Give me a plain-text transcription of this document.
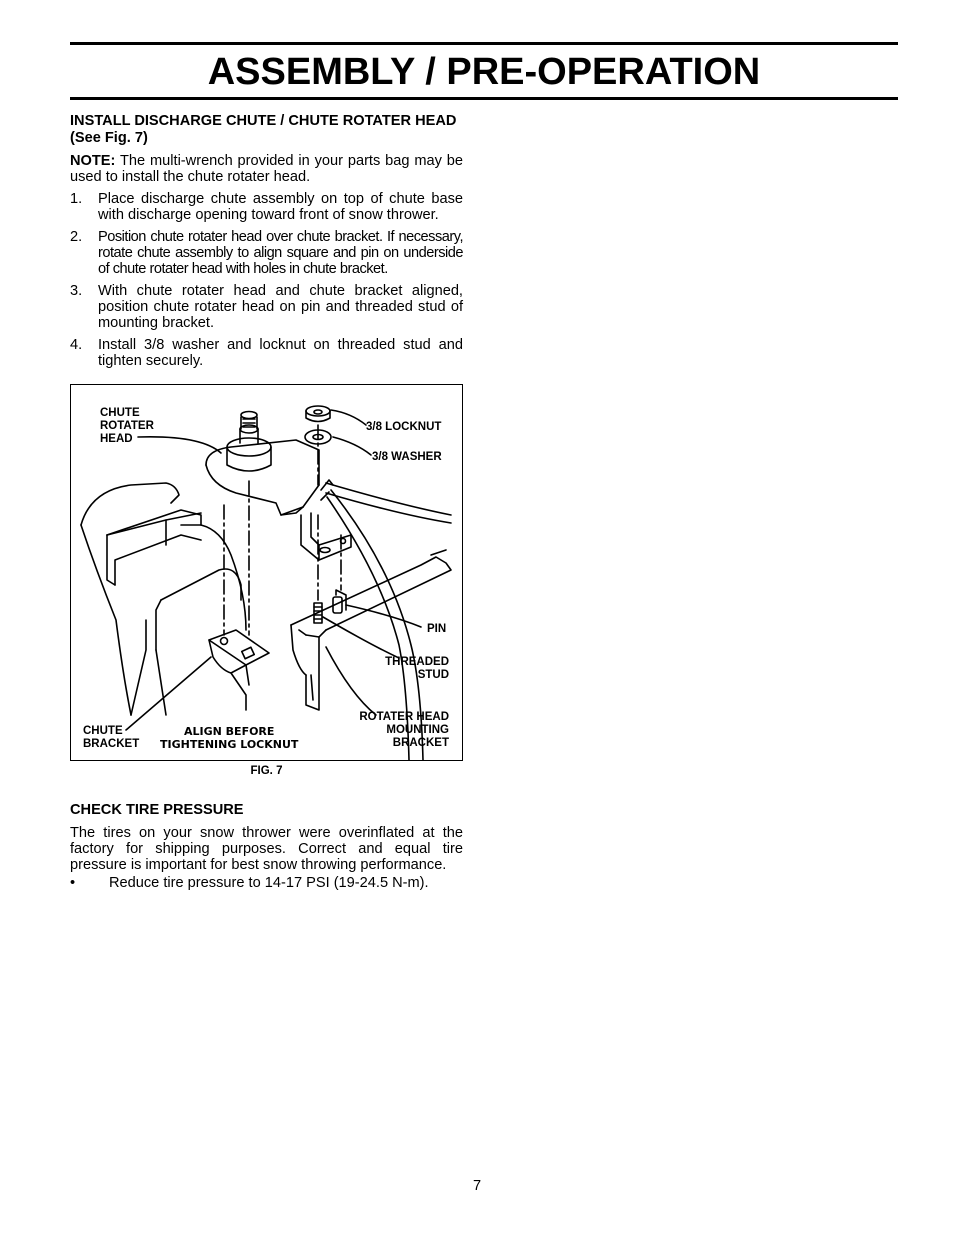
ASSEMBLY / PRE-OPERATION
INSTALL DISCHARGE CHUTE / CHUTE ROTATER HEAD
(See Fig. 7)

NOTE: The multi-wrench provided in your parts bag may be used to install the chute rotater head.

1. Place discharge chute assembly on top of chute base with discharge opening toward front of snow thrower.
2. Position chute rotater head over chute bracket. If necessary, rotate chute assembly to align square and pin on underside of chute rotater head with holes in chute bracket.
3. With chute rotater head and chute bracket aligned, position chute rotater head on pin and threaded stud of mounting bracket.
4. Install 3/8 washer and locknut on threaded stud and tighten securely.
CHUTE
ROTATER
HEAD
3/8 LOCKNUT
3/8 WASHER
PIN
THREADED
STUD
ROTATER HEAD
MOUNTING
BRACKET
CHUTE
BRACKET
ALIGN BEFORE
TIGHTENING LOCKNUT
FIG. 7
CHECK TIRE PRESSURE

The tires on your snow thrower were overinflated at the factory for shipping purposes. Correct and equal tire pressure is important for best snow throwing performance.

• Reduce tire pressure to 14-17 PSI (19-24.5 N-m).
7
